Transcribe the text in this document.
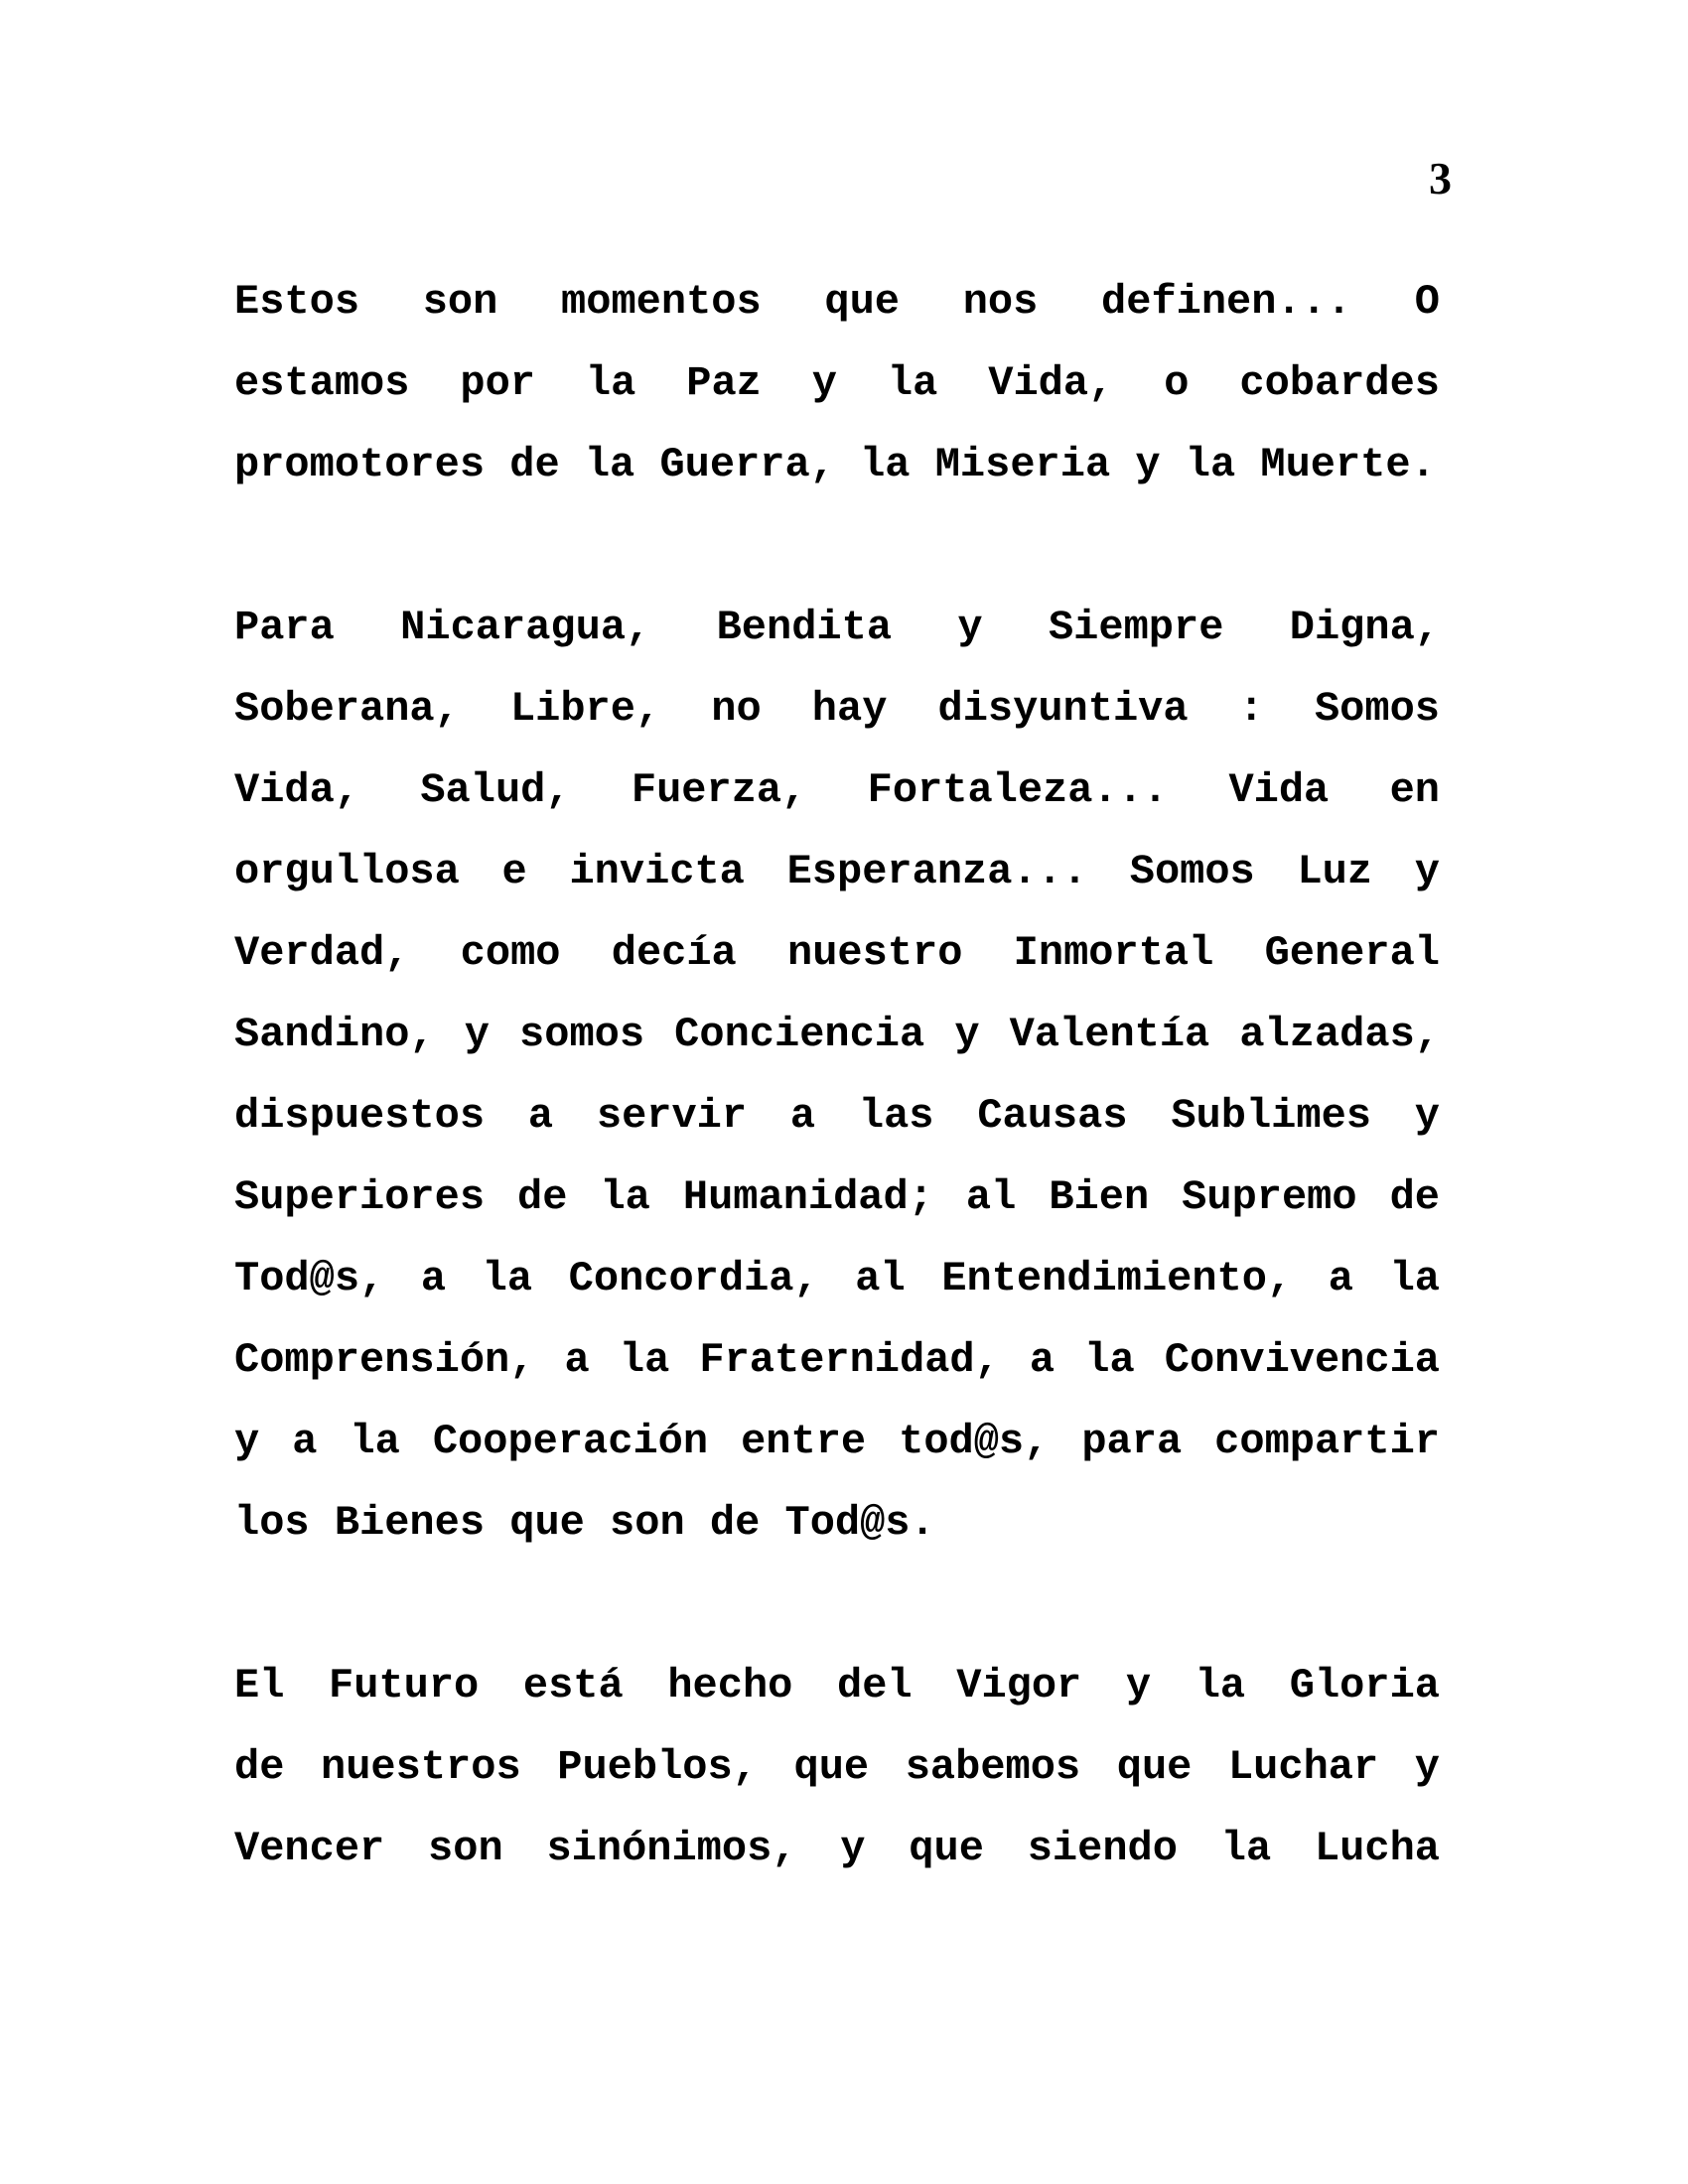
3
Estos son momentos que nos definen... O
estamos por la Paz y la Vida, o cobardes
promotores de la Guerra, la Miseria y la Muerte.
Para Nicaragua, Bendita y Siempre Digna,
Soberana, Libre, no hay disyuntiva : Somos
Vida, Salud, Fuerza, Fortaleza... Vida en
orgullosa e invicta Esperanza... Somos Luz y
Verdad, como decía nuestro Inmortal General
Sandino, y somos Conciencia y Valentía alzadas,
dispuestos a servir a las Causas Sublimes y
Superiores de la Humanidad; al Bien Supremo de
Tod@s, a la Concordia, al Entendimiento, a la
Comprensión, a la Fraternidad, a la Convivencia
y a la Cooperación entre tod@s, para compartir
los Bienes que son de Tod@s.
El Futuro está hecho del Vigor y la Gloria
de nuestros Pueblos, que sabemos que Luchar y
Vencer son sinónimos, y que siendo la Lucha
